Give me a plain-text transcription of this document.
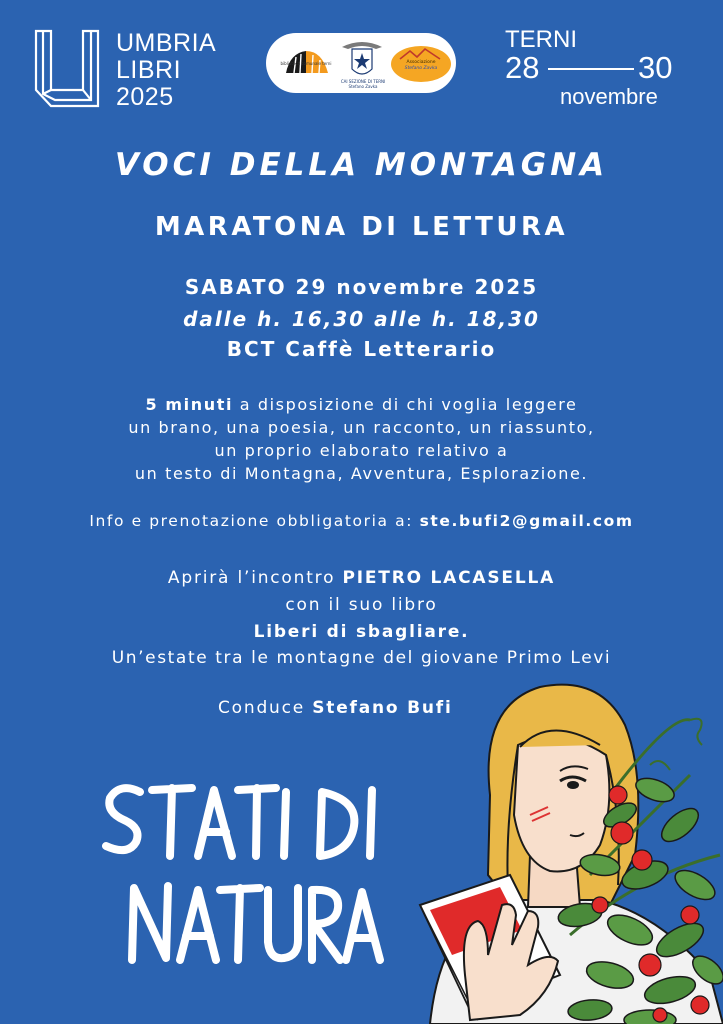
UMBRIA
LIBRI
2025
biblioteca comunale terni
CAI SEZIONE DI TERNI
Stefano Zavka
Associazione
Stefano Zavka
TERNI
28	30
novembre
VOCI DELLA MONTAGNA
MARATONA DI LETTURA
SABATO 29 novembre 2025
dalle h. 16,30 alle h. 18,30
BCT Caffè Letterario
5 minuti a disposizione di chi voglia leggere
un brano, una poesia, un racconto, un riassunto,
un proprio elaborato relativo a
un testo di Montagna, Avventura, Esplorazione.
Info e prenotazione obbligatoria a: ste.bufi2@gmail.com
Aprirà l’incontro PIETRO LACASELLA
con il suo libro
Liberi di sbagliare.
Un’estate tra le montagne del giovane Primo Levi
Conduce Stefano Bufi
